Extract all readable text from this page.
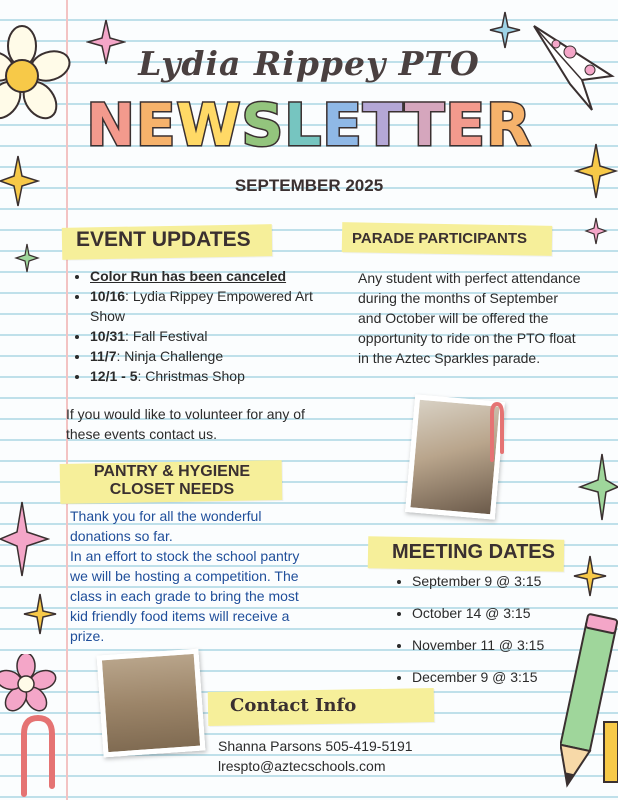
Lydia Rippey PTO
NEWSLETTER
SEPTEMBER 2025
EVENT UPDATES
• Color Run has been canceled
• 10/16: Lydia Rippey Empowered Art Show
• 10/31: Fall Festival
• 11/7: Ninja Challenge
• 12/1 - 5: Christmas Shop
If you would like to volunteer for any of these events contact us.
PARADE PARTICIPANTS
Any student with perfect attendance during the months of September and October will be offered the opportunity to ride on the PTO float in the Aztec Sparkles parade.
PANTRY & HYGIENE
CLOSET NEEDS
Thank you for all the wonderful donations so far.
In an effort to stock the school pantry we will be hosting a competition. The class in each grade to bring the most kid friendly food items will receive a prize.
MEETING DATES
• September 9 @ 3:15
• October 14 @ 3:15
• November 11 @ 3:15
• December 9 @ 3:15
Contact Info
Shanna Parsons 505-419-5191
lrespto@aztecschools.com
